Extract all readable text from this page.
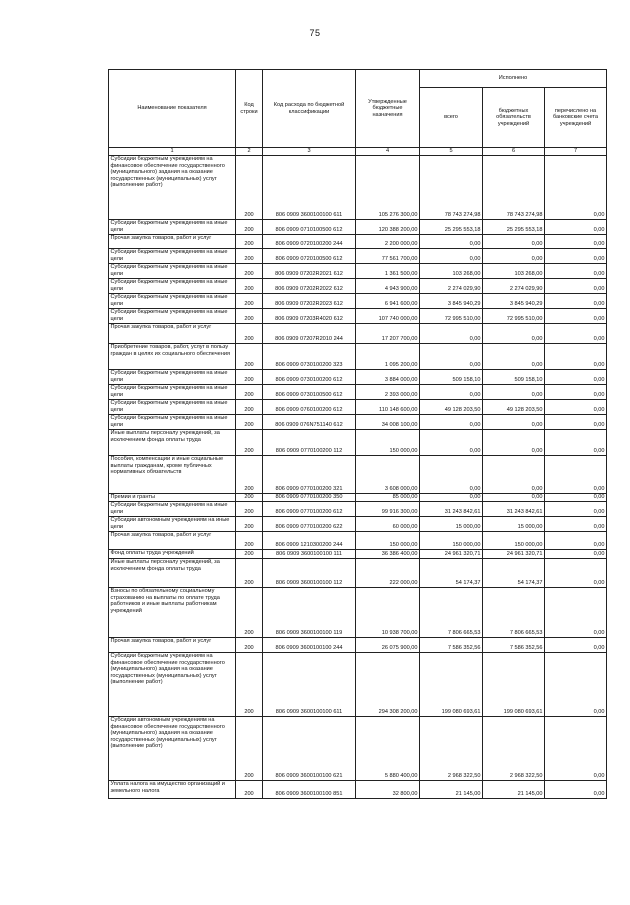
75
Наименование показателя	Код строки	Код расхода по бюджетной классификации	Утвержденные бюджетные назначения	Исполнено		
				всего	бюджетных обязательств учреждений	перечислено на банковские счета учреждений
1	2	3	4	5	6	7
Субсидии бюджетным учреждениям на финансовое обеспечение государственного (муниципального) задания на оказание государственных (муниципальных) услуг (выполнение работ)	200	806 0909 3600100100 611	105 276 300,00	78 743 274,98	78 743 274,98	0,00
Субсидии бюджетным учреждениям на иные цели	200	806 0909 0710100500 612	120 388 200,00	25 295 553,18	25 295 553,18	0,00
Прочая закупка товаров, работ и услуг	200	806 0909 0720100200 244	2 200 000,00	0,00	0,00	0,00
Субсидии бюджетным учреждениям на иные цели	200	806 0909 0720100500 612	77 561 700,00	0,00	0,00	0,00
Субсидии бюджетным учреждениям на иные цели	200	806 0909 07202R2021 612	1 361 500,00	103 268,00	103 268,00	0,00
Субсидии бюджетным учреждениям на иные цели	200	806 0909 07202R2022 612	4 943 900,00	2 274 029,90	2 274 029,90	0,00
Субсидии бюджетным учреждениям на иные цели	200	806 0909 07202R2023 612	6 941 600,00	3 845 940,29	3 845 940,29	0,00
Субсидии бюджетным учреждениям на иные цели	200	806 0909 07203R4020 612	107 740 000,00	72 995 510,00	72 995 510,00	0,00
Прочая закупка товаров, работ и услуг	200	806 0909 07207R2010 244	17 207 700,00	0,00	0,00	0,00
Приобретение товаров, работ, услуг в пользу граждан в целях их социального обеспечения	200	806 0909 0730100200 323	1 095 200,00	0,00	0,00	0,00
Субсидии бюджетным учреждениям на иные цели	200	806 0909 0730100200 612	3 884 000,00	509 158,10	509 158,10	0,00
Субсидии бюджетным учреждениям на иные цели	200	806 0909 0730100500 612	2 393 000,00	0,00	0,00	0,00
Субсидии бюджетным учреждениям на иные цели	200	806 0909 0760100200 612	110 148 600,00	49 128 203,50	49 128 203,50	0,00
Субсидии бюджетным учреждениям на иные цели	200	806 0909 076N751140 612	34 008 100,00	0,00	0,00	0,00
Иные выплаты персоналу учреждений, за исключением фонда оплаты труда	200	806 0909 0770100200 112	150 000,00	0,00	0,00	0,00
Пособия, компенсации и иные социальные выплаты гражданам, кроме публичных нормативных обязательств	200	806 0909 0770100200 321	3 608 000,00	0,00	0,00	0,00
Премии и гранты	200	806 0909 0770100200 350	85 000,00	0,00	0,00	0,00
Субсидии бюджетным учреждениям на иные цели	200	806 0909 0770100200 612	99 916 300,00	31 243 842,61	31 243 842,61	0,00
Субсидии автономным учреждениям на иные цели	200	806 0909 0770100200 622	60 000,00	15 000,00	15 000,00	0,00
Прочая закупка товаров, работ и услуг	200	806 0909 1210300200 244	150 000,00	150 000,00	150 000,00	0,00
Фонд оплаты труда учреждений	200	806 0909 3600100100 111	36 386 400,00	24 961 320,71	24 961 320,71	0,00
Иные выплаты персоналу учреждений, за исключением фонда оплаты труда	200	806 0909 3600100100 112	222 000,00	54 174,37	54 174,37	0,00
Взносы по обязательному социальному страхованию на выплаты по оплате труда работников и иные выплаты работникам учреждений	200	806 0909 3600100100 119	10 938 700,00	7 806 665,53	7 806 665,53	0,00
Прочая закупка товаров, работ и услуг	200	806 0909 3600100100 244	26 075 900,00	7 586 352,56	7 586 352,56	0,00
Субсидии бюджетным учреждениям на финансовое обеспечение государственного (муниципального) задания на оказание государственных (муниципальных) услуг (выполнение работ)	200	806 0909 3600100100 611	294 308 200,00	199 080 693,61	199 080 693,61	0,00
Субсидии автономным учреждениям на финансовое обеспечение государственного (муниципального) задания на оказание государственных (муниципальных) услуг (выполнение работ)	200	806 0909 3600100100 621	5 880 400,00	2 968 322,50	2 968 322,50	0,00
Уплата налога на имущество организаций и земельного налога	200	806 0909 3600100100 851	32 800,00	21 145,00	21 145,00	0,00
